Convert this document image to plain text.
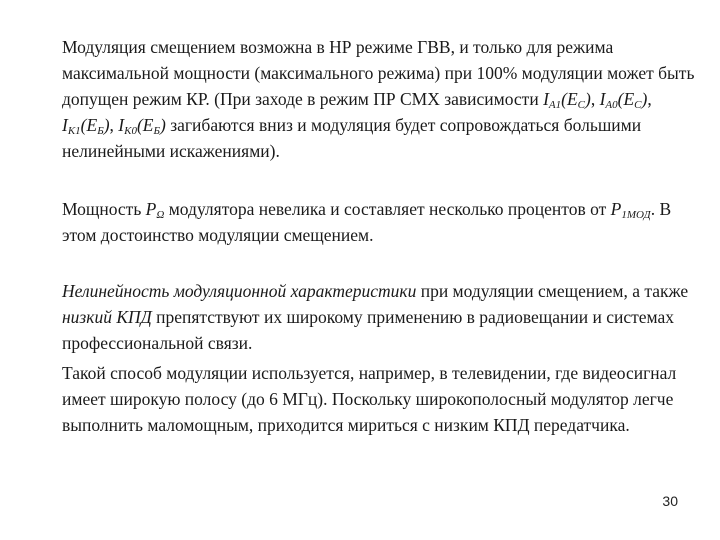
Модуляция смещением возможна в НР режиме ГВВ, и только для режима максимальной мощности (максимального режима) при 100% модуляции может быть допущен режим КР. (При заходе в режим ПР СМХ зависимости $I_{A1}(E_C)$, $I_{A0}(E_C)$, $I_{K1}(E_Б)$, $I_{K0}(E_Б)$ загибаются вниз и модуляция будет сопровождаться большими нелинейными искажениями).

Мощность $P_\Omega$ модулятора невелика и составляет несколько процентов от $P_{1МОД}$. В этом достоинство модуляции смещением.

Нелинейность модуляционной характеристики при модуляции смещением, а также низкий КПД препятствуют их широкому применению в радиовещании и системах профессиональной связи.

Такой способ модуляции используется, например, в телевидении, где видеосигнал имеет широкую полосу (до 6 МГц). Поскольку широкополосный модулятор легче выполнить маломощным, приходится мириться с низким КПД передатчика.

30
